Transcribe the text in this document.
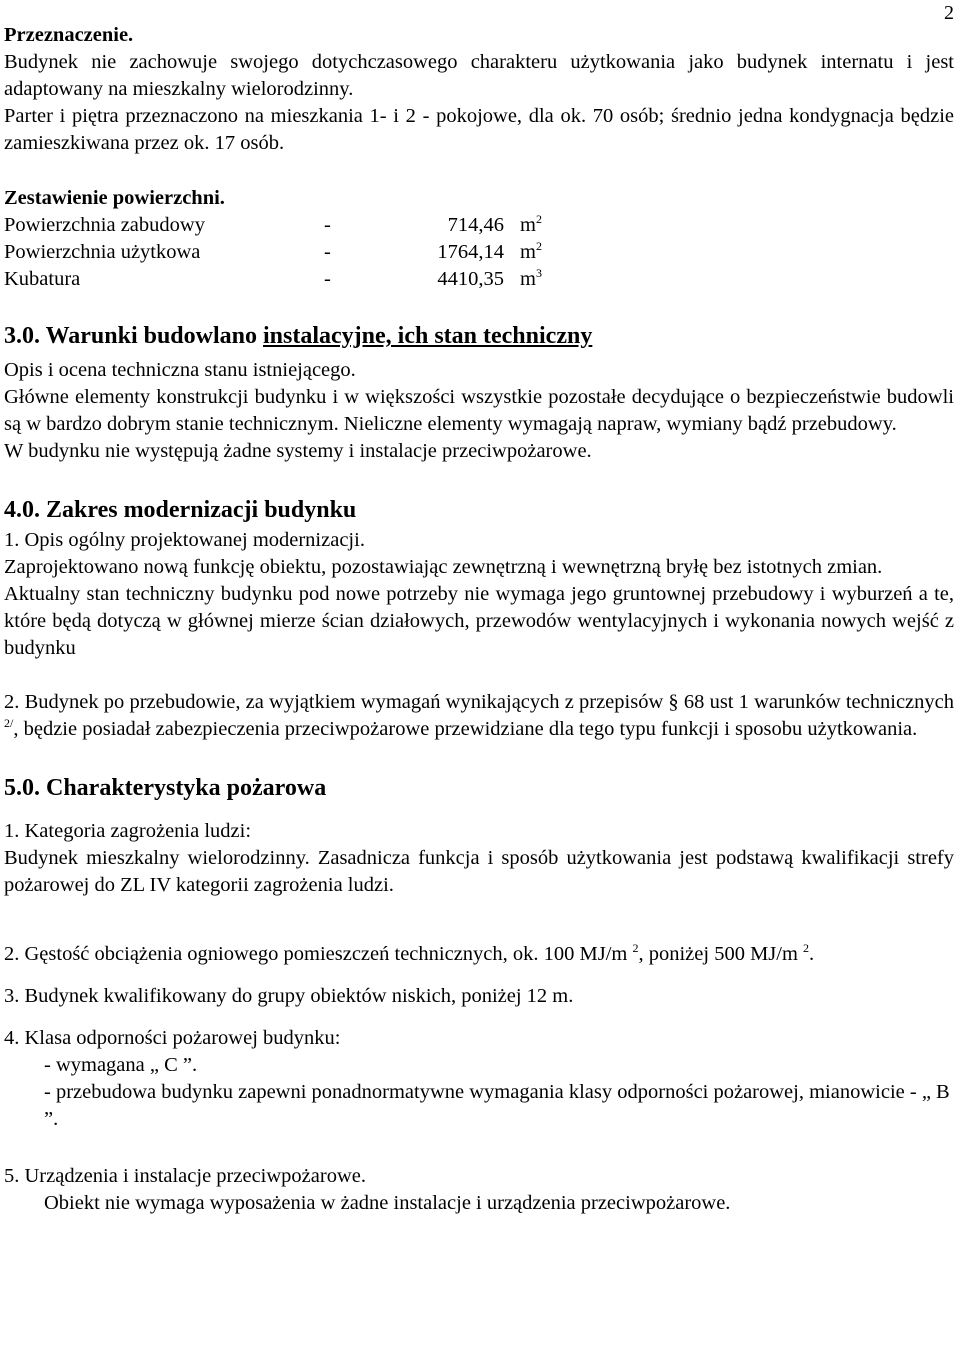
2

Przeznaczenie.

Budynek nie zachowuje swojego dotychczasowego charakteru użytkowania jako budynek internatu i jest adaptowany na mieszkalny wielorodzinny.

Parter i piętra przeznaczono na mieszkania 1- i 2 - pokojowe, dla ok. 70 osób; średnio jedna kondygnacja będzie zamieszkiwana przez ok. 17 osób.

Zestawienie powierzchni.

Powierzchnia zabudowy	-	714,46 $m^2$
Powierzchnia użytkowa	-	1764,14 $m^2$
Kubatura	-	4410,35 $m^3$

3.0. Warunki budowlano instalacyjne, ich stan techniczny

Opis i ocena techniczna stanu istniejącego.

Główne elementy konstrukcji budynku i w większości wszystkie pozostałe decydujące o bezpieczeństwie budowli są w bardzo dobrym stanie technicznym. Nieliczne elementy wymagają napraw, wymiany bądź przebudowy.

W budynku nie występują żadne systemy i instalacje przeciwpożarowe.

4.0. Zakres modernizacji budynku

1. Opis ogólny projektowanej modernizacji.

Zaprojektowano nową funkcję obiektu, pozostawiając zewnętrzną i wewnętrzną bryłę bez istotnych zmian.

Aktualny stan techniczny budynku pod nowe potrzeby nie wymaga jego gruntownej przebudowy i wyburzeń a te, które będą dotyczą w głównej mierze ścian działowych, przewodów wentylacyjnych i wykonania nowych wejść z budynku

2. Budynek po przebudowie, za wyjątkiem wymagań wynikających z przepisów § 68 ust 1 warunków technicznych $^{2/}$, będzie posiadał zabezpieczenia przeciwpożarowe przewidziane dla tego typu funkcji i sposobu użytkowania.

5.0. Charakterystyka pożarowa

1. Kategoria zagrożenia ludzi:

Budynek mieszkalny wielorodzinny. Zasadnicza funkcja i sposób użytkowania jest podstawą kwalifikacji strefy pożarowej do ZL IV kategorii zagrożenia ludzi.

2. Gęstość obciążenia ogniowego pomieszczeń technicznych, ok. 100 MJ/m $^2$, poniżej 500 MJ/m $^2$.

3. Budynek kwalifikowany do grupy obiektów niskich, poniżej 12 m.

4. Klasa odporności pożarowej budynku:

- wymagana „ C ”.

- przebudowa budynku zapewni ponadnormatywne wymagania klasy odporności pożarowej, mianowicie - „ B ”.

5. Urządzenia i instalacje przeciwpożarowe.

Obiekt nie wymaga wyposażenia w żadne instalacje i urządzenia przeciwpożarowe.
